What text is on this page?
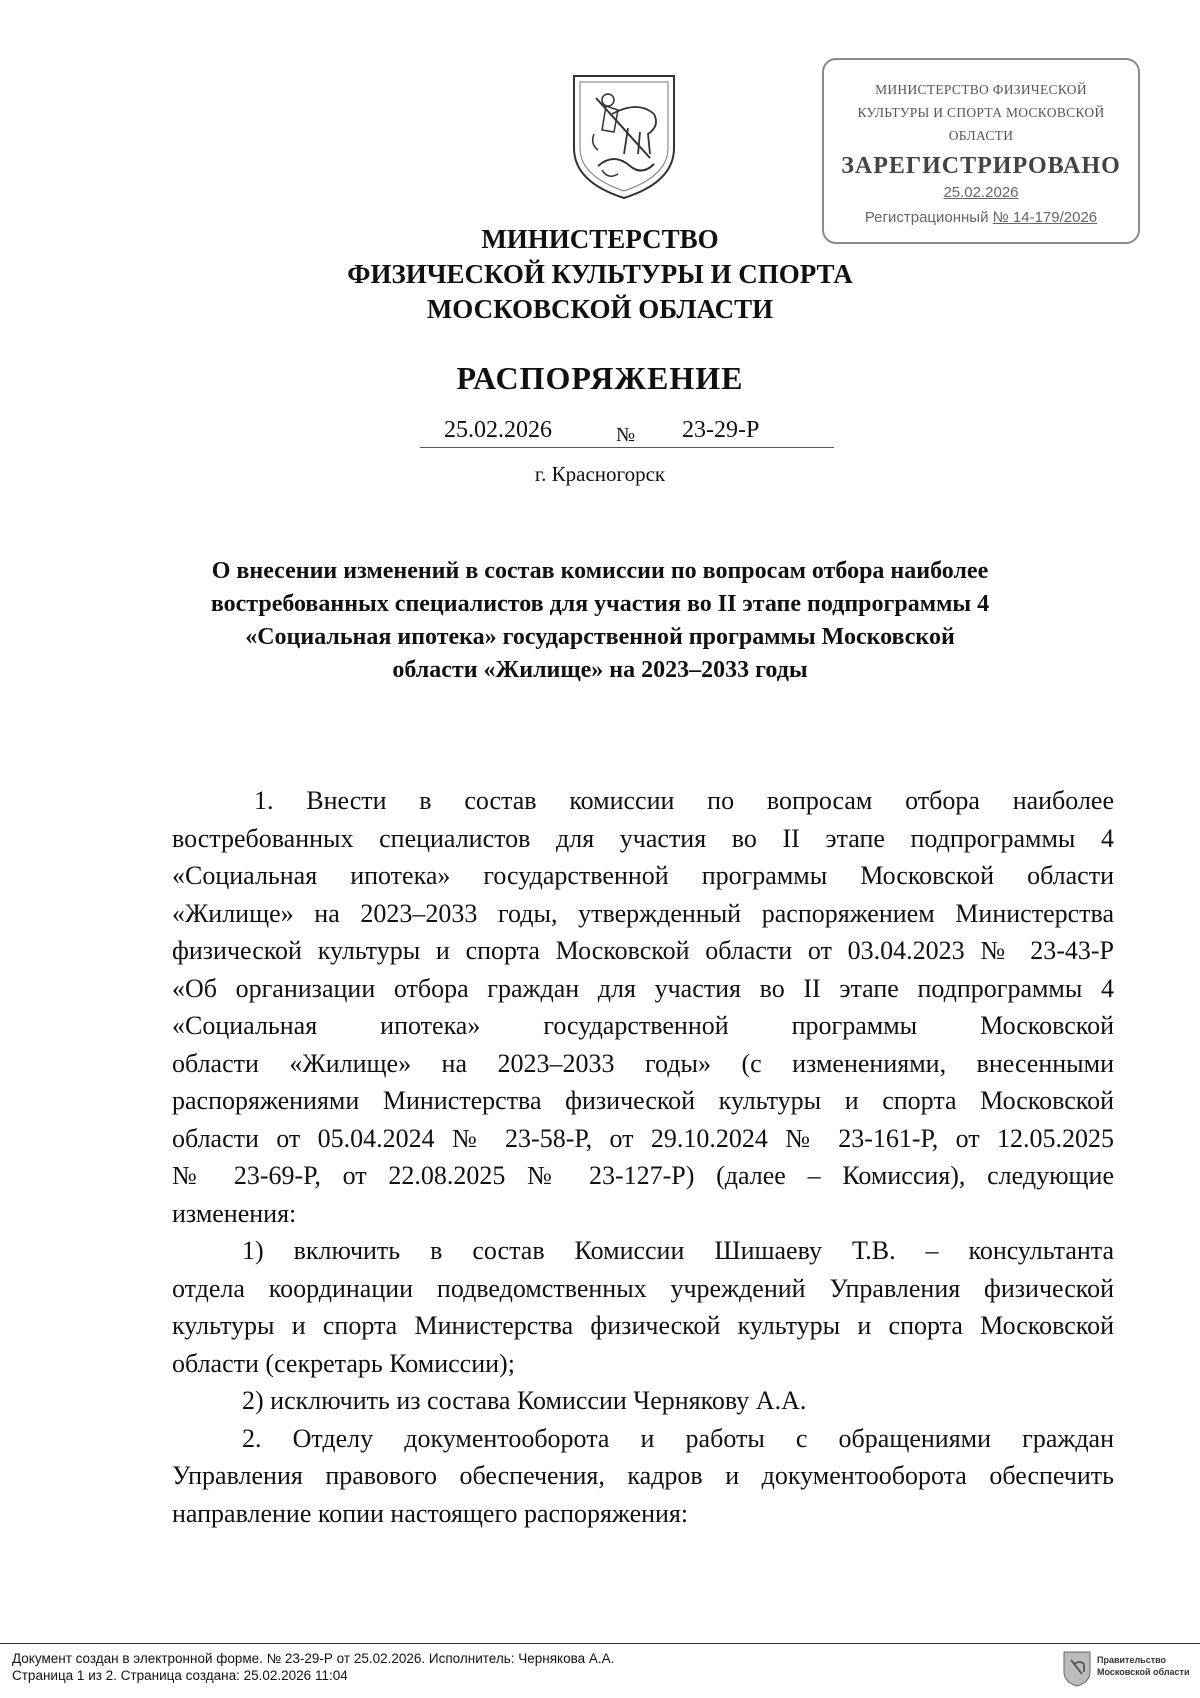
МИНИСТЕРСТВО ФИЗИЧЕСКОЙ
КУЛЬТУРЫ И СПОРТА МОСКОВСКОЙ
ОБЛАСТИ
ЗАРЕГИСТРИРОВАНО
25.02.2026
Регистрационный № 14-179/2026
МИНИСТЕРСТВО
ФИЗИЧЕСКОЙ КУЛЬТУРЫ И СПОРТА
МОСКОВСКОЙ ОБЛАСТИ
РАСПОРЯЖЕНИЕ
25.02.2026	№ 23-29-Р
г. Красногорск
О внесении изменений в состав комиссии по вопросам отбора наиболее
востребованных специалистов для участия во II этапе подпрограммы 4
«Социальная ипотека» государственной программы Московской
области «Жилище» на 2023–2033 годы
1. Внести в состав комиссии по вопросам отбора наиболее
востребованных специалистов для участия во II этапе подпрограммы 4
«Социальная ипотека» государственной программы Московской области
«Жилище» на 2023–2033 годы, утвержденный распоряжением Министерства
физической культуры и спорта Московской области от 03.04.2023 № 23-43-Р
«Об организации отбора граждан для участия во II этапе подпрограммы 4
«Социальная ипотека» государственной программы Московской
области «Жилище» на 2023–2033 годы» (с изменениями, внесенными
распоряжениями Министерства физической культуры и спорта Московской
области от 05.04.2024 № 23-58-Р, от 29.10.2024 № 23-161-Р, от 12.05.2025
№ 23-69-Р, от 22.08.2025 № 23-127-Р) (далее – Комиссия), следующие
изменения:
1) включить в состав Комиссии Шишаеву Т.В. – консультанта
отдела координации подведомственных учреждений Управления физической
культуры и спорта Министерства физической культуры и спорта Московской
области (секретарь Комиссии);
2) исключить из состава Комиссии Чернякову А.А.
2. Отделу документооборота и работы с обращениями граждан
Управления правового обеспечения, кадров и документооборота обеспечить
направление копии настоящего распоряжения:
Документ создан в электронной форме. № 23-29-Р от 25.02.2026. Исполнитель: Чернякова А.А.
Страница 1 из 2. Страница создана: 25.02.2026 11:04
Правительство
Московской области
